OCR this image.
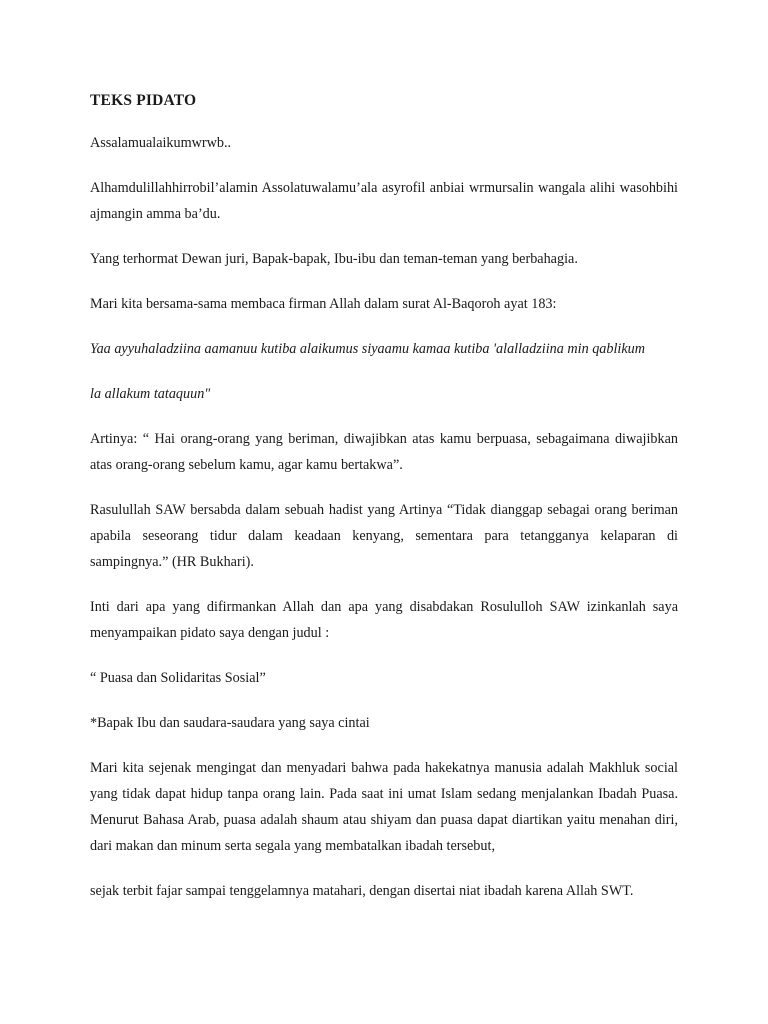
TEKS PIDATO

Assalamualaikumwrwb..

Alhamdulillahhirrobil’alamin Assolatuwalamu’ala asyrofil anbiai wrmursalin wangala alihi wasohbihi ajmangin amma ba’du.

Yang terhormat Dewan juri, Bapak-bapak, Ibu-ibu dan teman-teman yang berbahagia.

Mari kita bersama-sama membaca firman Allah dalam surat Al-Baqoroh ayat 183:

Yaa ayyuhaladziina aamanuu kutiba alaikumus siyaamu kamaa kutiba 'alalladziina min qablikum

la allakum tataquun"

Artinya: “ Hai orang-orang yang beriman, diwajibkan atas kamu berpuasa, sebagaimana diwajibkan atas orang-orang sebelum kamu, agar kamu bertakwa”.

Rasulullah SAW bersabda dalam sebuah hadist yang Artinya “Tidak dianggap sebagai orang beriman apabila seseorang tidur dalam keadaan kenyang, sementara para tetangganya kelaparan di sampingnya.” (HR Bukhari).

Inti dari apa yang difirmankan Allah dan apa yang disabdakan Rosululloh SAW izinkanlah saya menyampaikan pidato saya dengan judul :

“ Puasa dan Solidaritas Sosial”

*Bapak Ibu dan saudara-saudara yang saya cintai

Mari kita sejenak mengingat dan menyadari bahwa pada hakekatnya manusia adalah Makhluk social yang tidak dapat hidup tanpa orang lain. Pada saat ini umat Islam sedang menjalankan Ibadah Puasa. Menurut Bahasa Arab, puasa adalah shaum atau shiyam dan puasa dapat diartikan yaitu menahan diri, dari makan dan minum serta segala yang membatalkan ibadah tersebut,

sejak terbit fajar sampai tenggelamnya matahari, dengan disertai niat ibadah karena Allah SWT.
